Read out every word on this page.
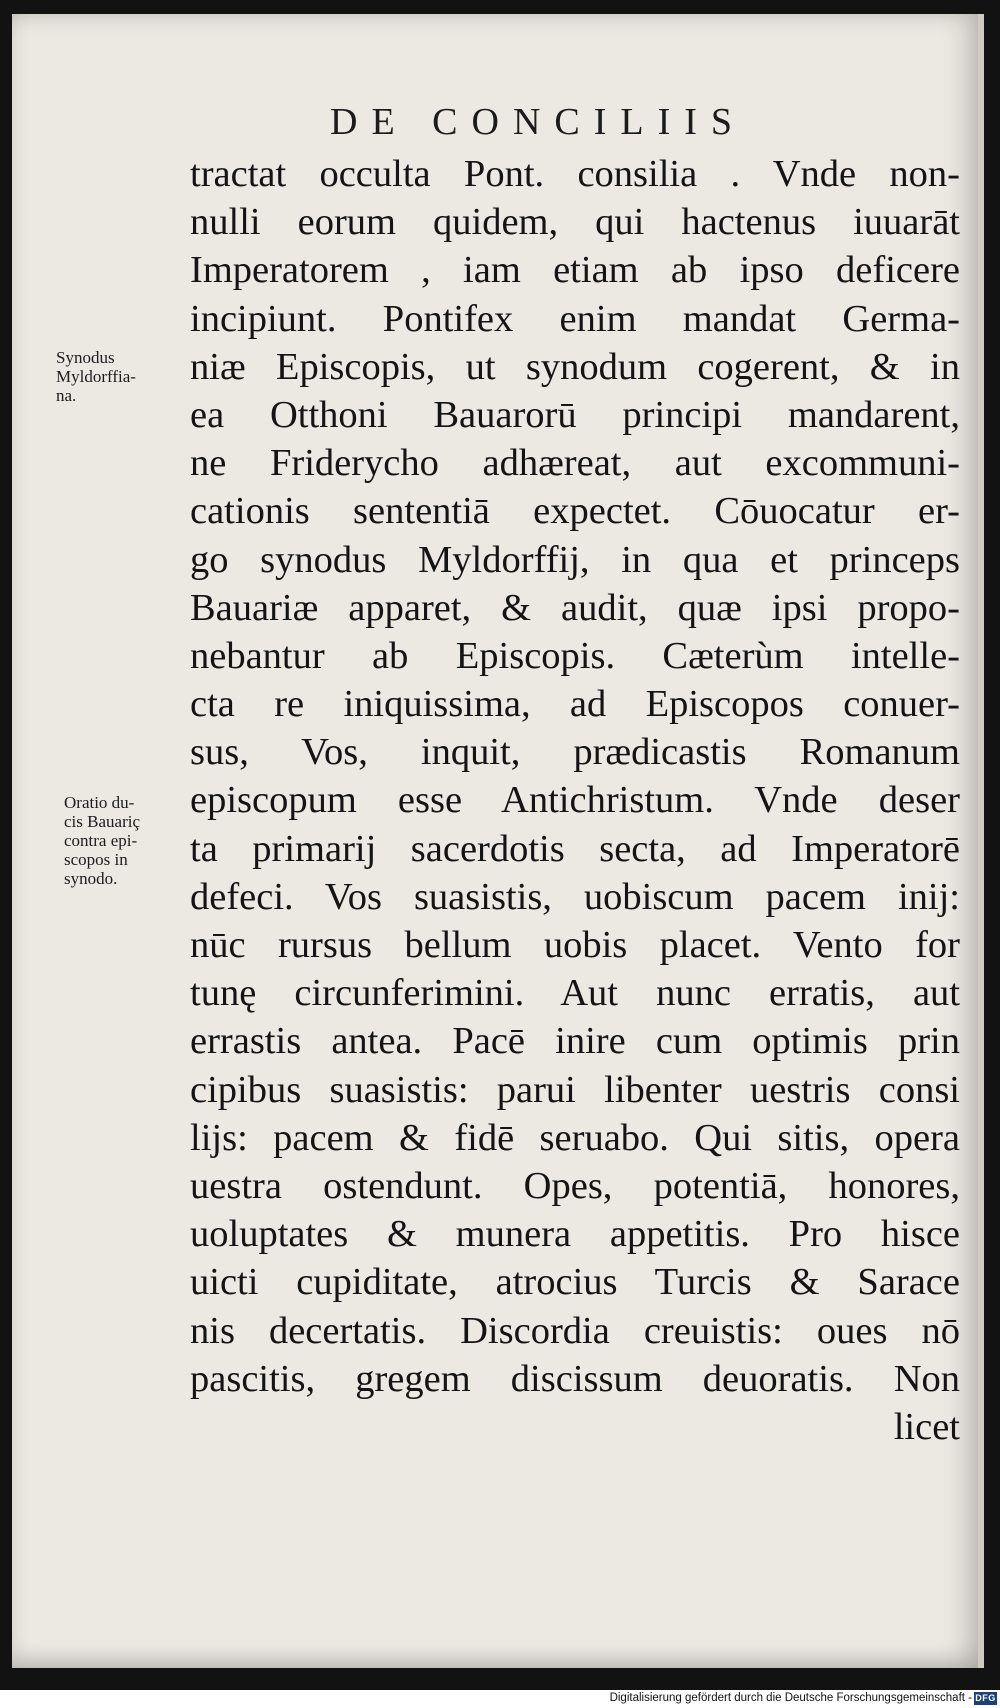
DE CONCILIIS
Synodus
Myldorffia-
na.
Oratio du-
cis Bauariç
contra epi-
scopos in
synodo.
tractat occulta Pont. consilia . Vnde non-
nulli eorum quidem, qui hactenus iuuarāt
Imperatorem , iam etiam ab ipso deficere
incipiunt. Pontifex enim mandat Germa-
niæ Episcopis, ut synodum cogerent, & in
ea Otthoni Bauarorū principi mandarent,
ne Friderycho adhæreat, aut excommuni-
cationis sententiā expectet. Cōuocatur er-
go synodus Myldorffij, in qua et princeps
Bauariæ apparet, & audit, quæ ipsi propo-
nebantur ab Episcopis. Cæterùm intelle-
cta re iniquissima, ad Episcopos conuer-
sus, Vos, inquit, prædicastis Romanum
episcopum esse Antichristum. Vnde deser
ta primarij sacerdotis secta, ad Imperatorē
defeci. Vos suasistis, uobiscum pacem inij:
nūc rursus bellum uobis placet. Vento for
tunę circunferimini. Aut nunc erratis, aut
errastis antea. Pacē inire cum optimis prin
cipibus suasistis: parui libenter uestris consi
lijs: pacem & fidē seruabo. Qui sitis, opera
uestra ostendunt. Opes, potentiā, honores,
uoluptates & munera appetitis. Pro hisce
uicti cupiditate, atrocius Turcis & Sarace
nis decertatis. Discordia creuistis: oues nō
pascitis, gregem discissum deuoratis. Non
licet
Digitalisierung gefördert durch die Deutsche Forschungsgemeinschaft - DFG
